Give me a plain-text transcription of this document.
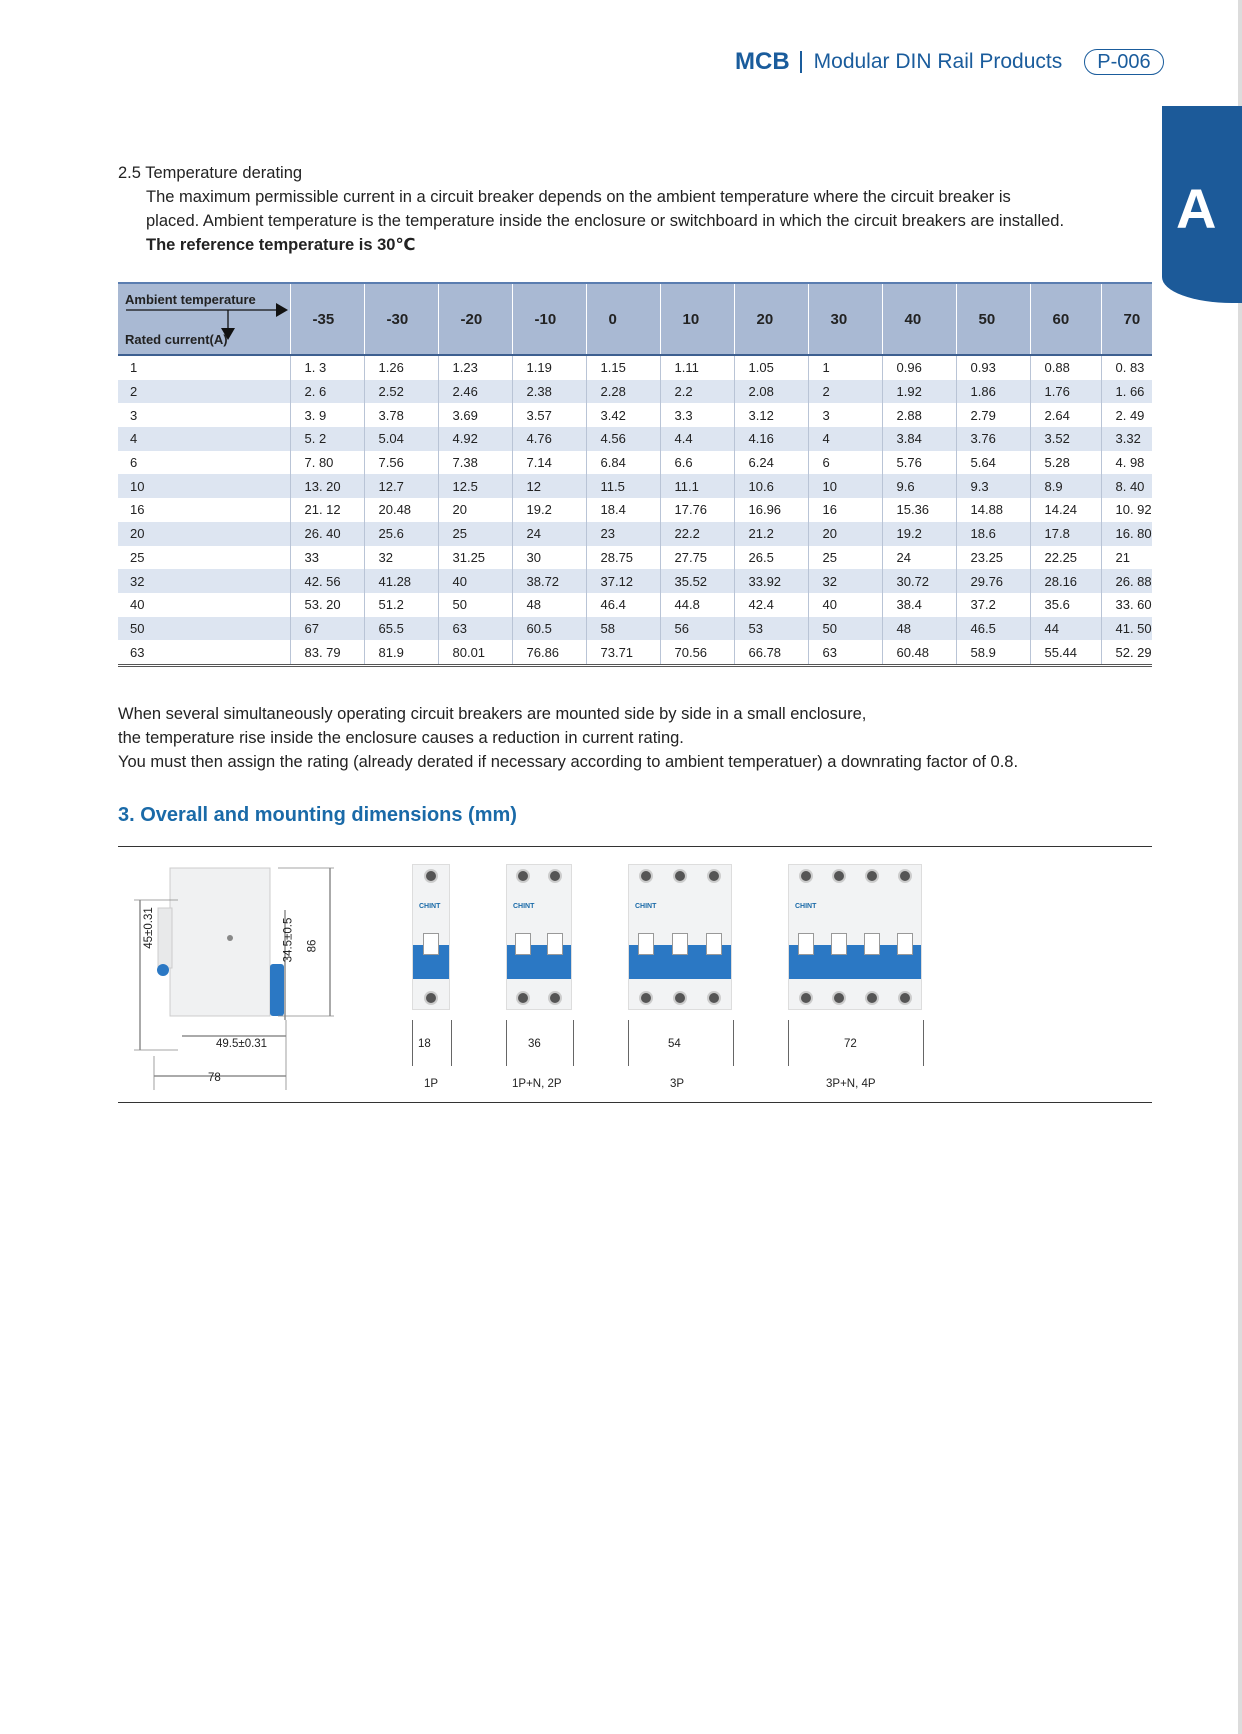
MCB Modular DIN Rail Products	P-006
A
2.5 Temperature derating
The maximum permissible current in a circuit breaker depends on the ambient temperature where the circuit breaker is
placed. Ambient temperature is the temperature inside the enclosure or switchboard in which the circuit breakers are installed.
The reference temperature is 30℃
Ambient temperature
Rated current(A)	-35	-30	-20	-10	0	10	20	30	40	50	60	70
1	1. 3	1.26	1.23	1.19	1.15	1.11	1.05	1	0.96	0.93	0.88	0. 83
2	2. 6	2.52	2.46	2.38	2.28	2.2	2.08	2	1.92	1.86	1.76	1. 66
3	3. 9	3.78	3.69	3.57	3.42	3.3	3.12	3	2.88	2.79	2.64	2. 49
4	5. 2	5.04	4.92	4.76	4.56	4.4	4.16	4	3.84	3.76	3.52	3.32
6	7. 80	7.56	7.38	7.14	6.84	6.6	6.24	6	5.76	5.64	5.28	4. 98
10	13. 20	12.7	12.5	12	11.5	11.1	10.6	10	9.6	9.3	8.9	8. 40
16	21. 12	20.48	20	19.2	18.4	17.76	16.96	16	15.36	14.88	14.24	10. 92
20	26. 40	25.6	25	24	23	22.2	21.2	20	19.2	18.6	17.8	16. 80
25	33	32	31.25	30	28.75	27.75	26.5	25	24	23.25	22.25	21
32	42. 56	41.28	40	38.72	37.12	35.52	33.92	32	30.72	29.76	28.16	26. 88
40	53. 20	51.2	50	48	46.4	44.8	42.4	40	38.4	37.2	35.6	33. 60
50	67	65.5	63	60.5	58	56	53	50	48	46.5	44	41. 50
63	83. 79	81.9	80.01	76.86	73.71	70.56	66.78	63	60.48	58.9	55.44	52. 29
When several simultaneously operating circuit breakers are mounted side by side in a small enclosure,
the temperature rise inside the enclosure causes a reduction in current rating.
You must then assign the rating (already derated if necessary according to ambient temperatuer) a downrating factor of 0.8.
3. Overall and mounting dimensions (mm)
45±0.31	34.5±0.5 86
49.5±0.31
78
CHINT	CHINT	CHINT	CHINT
18	36	54	72
1P	1P+N, 2P	3P	3P+N, 4P
